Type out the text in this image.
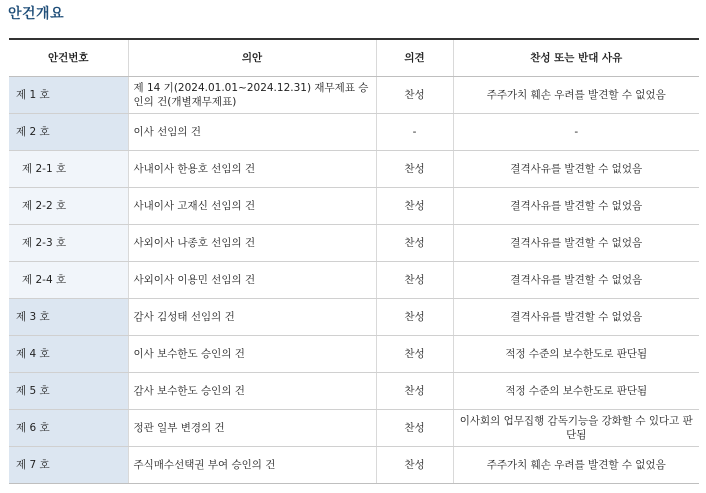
안건개요
안건번호	의안	의견	찬성 또는 반대 사유
제 1 호	제 14 기(2024.01.01~2024.12.31) 재무제표 승인의 건(개별재무제표)	찬성	주주가치 훼손 우려를 발견할 수 없었음
제 2 호	이사 선임의 건	-	-
제 2-1 호	사내이사 한용호 선임의 건	찬성	결격사유를 발견할 수 없었음
제 2-2 호	사내이사 고재신 선임의 건	찬성	결격사유를 발견할 수 없었음
제 2-3 호	사외이사 나종호 선임의 건	찬성	결격사유를 발견할 수 없었음
제 2-4 호	사외이사 이용민 선임의 건	찬성	결격사유를 발견할 수 없었음
제 3 호	감사 김성태 선임의 건	찬성	결격사유를 발견할 수 없었음
제 4 호	이사 보수한도 승인의 건	찬성	적정 수준의 보수한도로 판단됨
제 5 호	감사 보수한도 승인의 건	찬성	적정 수준의 보수한도로 판단됨
제 6 호	정관 일부 변경의 건	찬성	이사회의 업무집행 감독기능을 강화할 수 있다고 판단됨
제 7 호	주식매수선택권 부여 승인의 건	찬성	주주가치 훼손 우려를 발견할 수 없었음
